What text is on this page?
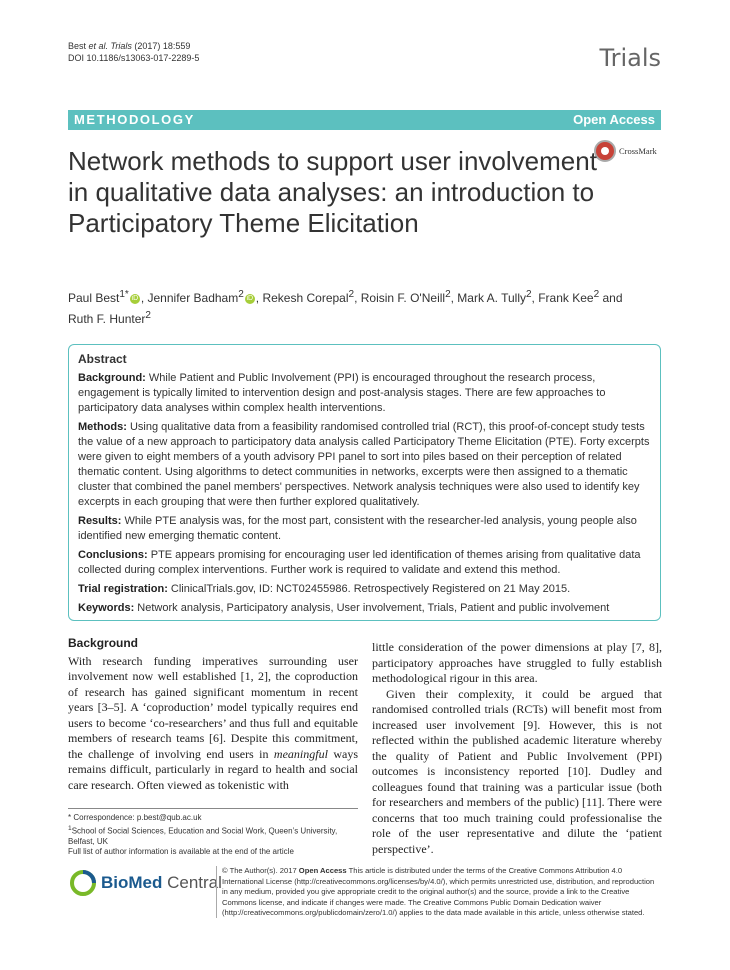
Best et al. Trials (2017) 18:559
DOI 10.1186/s13063-017-2289-5	Trials
METHODOLOGY	Open Access
CrossMark
Network methods to support user involvement in qualitative data analyses: an introduction to Participatory Theme Elicitation
Paul Best$^{1*}$ iD , Jennifer Badham$^2$ iD , Rekesh Corepal$^2$, Roisin F. O'Neill$^2$, Mark A. Tully$^2$, Frank Kee$^2$ and Ruth F. Hunter$^2$
Abstract

Background: While Patient and Public Involvement (PPI) is encouraged throughout the research process, engagement is typically limited to intervention design and post-analysis stages. There are few approaches to participatory data analyses within complex health interventions.

Methods: Using qualitative data from a feasibility randomised controlled trial (RCT), this proof-of-concept study tests the value of a new approach to participatory data analysis called Participatory Theme Elicitation (PTE). Forty excerpts were given to eight members of a youth advisory PPI panel to sort into piles based on their perception of related thematic content. Using algorithms to detect communities in networks, excerpts were then assigned to a thematic cluster that combined the panel members' perspectives. Network analysis techniques were also used to identify key excerpts in each grouping that were then further explored qualitatively.

Results: While PTE analysis was, for the most part, consistent with the researcher-led analysis, young people also identified new emerging thematic content.

Conclusions: PTE appears promising for encouraging user led identification of themes arising from qualitative data collected during complex interventions. Further work is required to validate and extend this method.

Trial registration: ClinicalTrials.gov, ID: NCT02455986. Retrospectively Registered on 21 May 2015.

Keywords: Network analysis, Participatory analysis, User involvement, Trials, Patient and public involvement

Background

With research funding imperatives surrounding user involvement now well established [1, 2], the coproduction of research has gained significant momentum in recent years [3–5]. A ‘coproduction’ model typically requires end users to become ‘co-researchers’ and thus full and equitable members of research teams [6]. Despite this commitment, the challenge of involving end users in meaningful ways remains difficult, particularly in regard to health and social care research. Often viewed as tokenistic with

little consideration of the power dimensions at play [7, 8], participatory approaches have struggled to fully establish methodological rigour in this area.

Given their complexity, it could be argued that randomised controlled trials (RCTs) will benefit most from increased user involvement [9]. However, this is not reflected within the published academic literature whereby the quality of Patient and Public Involvement (PPI) outcomes is inconsistency reported [10]. Dudley and colleagues found that training was a particular issue (both for researchers and members of the public) [11]. There were concerns that too much training could professionalise the role of the user representative and dilute the ‘patient perspective’.

* Correspondence: p.best@qub.ac.uk
$^1$School of Social Sciences, Education and Social Work, Queen’s University, Belfast, UK
Full list of author information is available at the end of the article
BioMed Central
© The Author(s). 2017 Open Access This article is distributed under the terms of the Creative Commons Attribution 4.0 International License (http://creativecommons.org/licenses/by/4.0/), which permits unrestricted use, distribution, and reproduction in any medium, provided you give appropriate credit to the original author(s) and the source, provide a link to the Creative Commons license, and indicate if changes were made. The Creative Commons Public Domain Dedication waiver (http://creativecommons.org/publicdomain/zero/1.0/) applies to the data made available in this article, unless otherwise stated.
